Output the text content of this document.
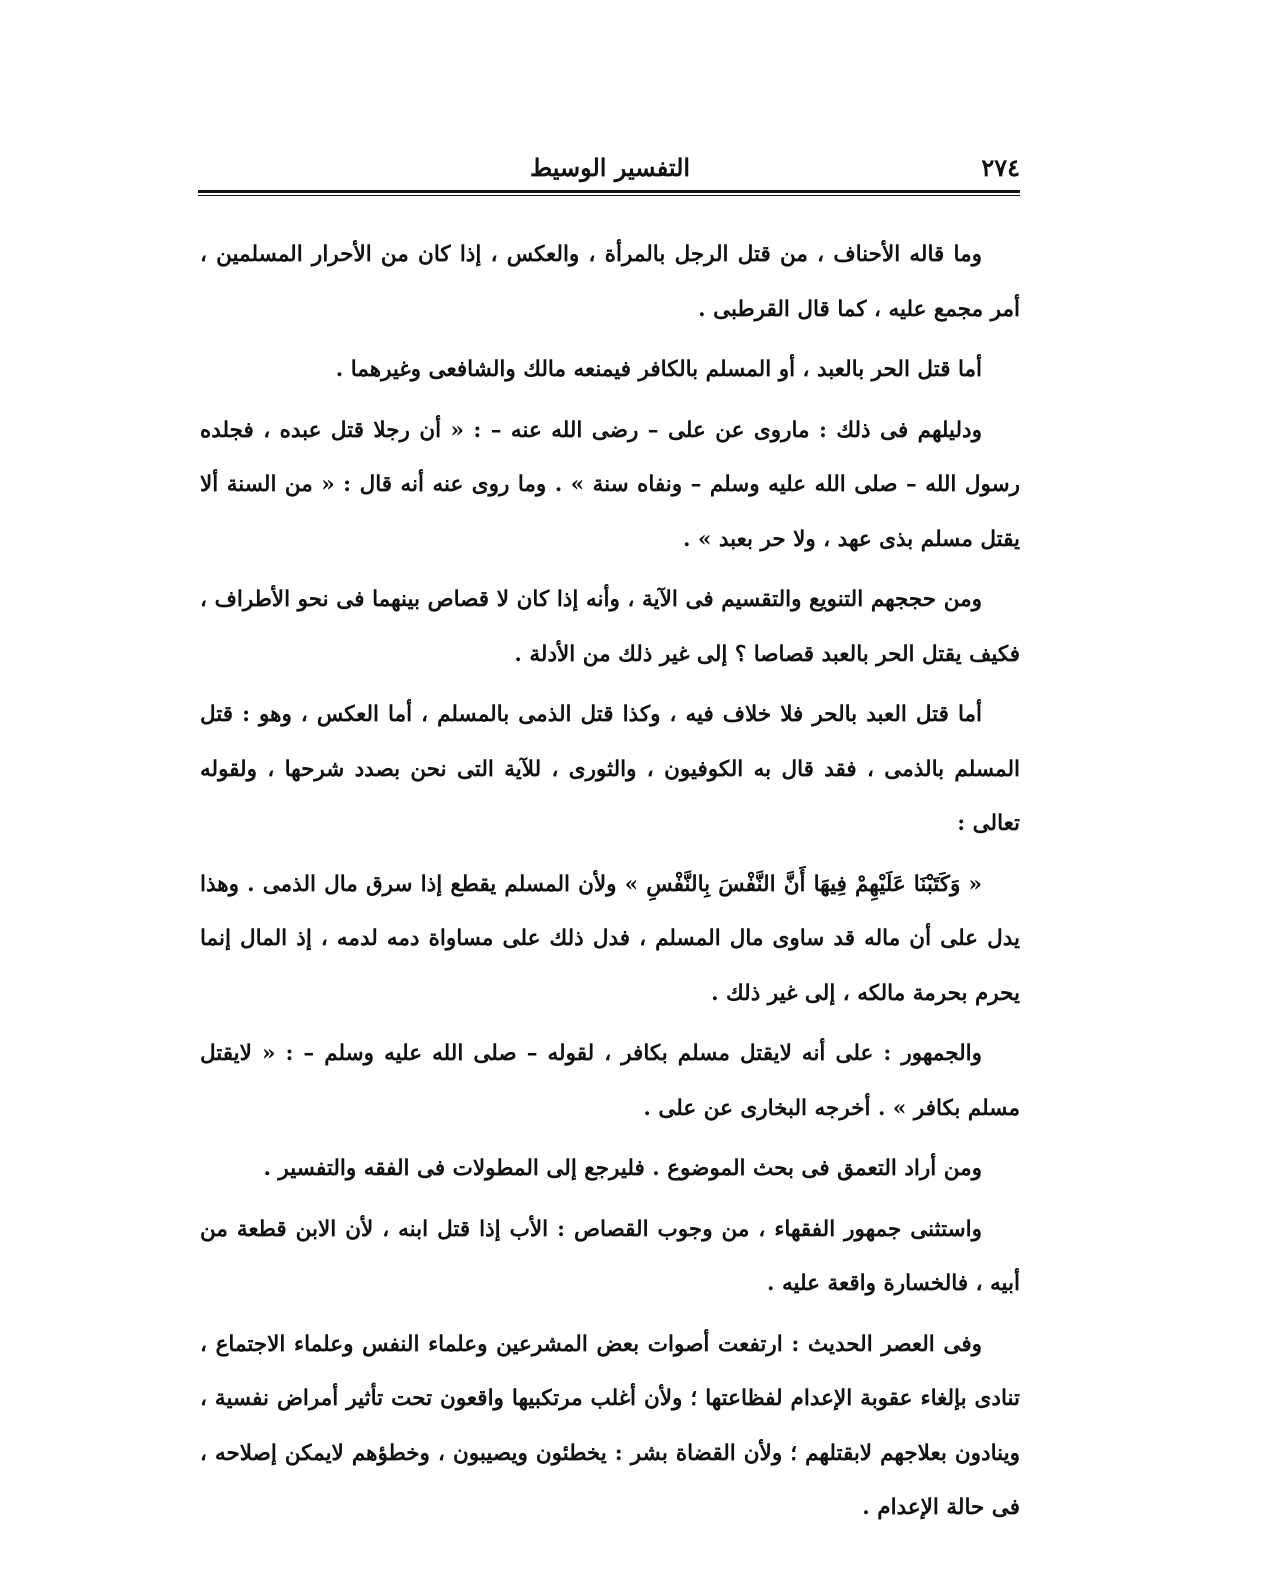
٢٧٤
التفسير الوسيط

وما قاله الأحناف ، من قتل الرجل بالمرأة ، والعكس ، إذا كان من الأحرار المسلمين ، أمر مجمع عليه ، كما قال القرطبى .

أما قتل الحر بالعبد ، أو المسلم بالكافر فيمنعه مالك والشافعى وغيرهما .

ودليلهم فى ذلك : ماروى عن على – رضى الله عنه – : « أن رجلا قتل عبده ، فجلده رسول الله – صلى الله عليه وسلم – ونفاه سنة » . وما روى عنه أنه قال : « من السنة ألا يقتل مسلم بذى عهد ، ولا حر بعبد » .

ومن حججهم التنويع والتقسيم فى الآية ، وأنه إذا كان لا قصاص بينهما فى نحو الأطراف ، فكيف يقتل الحر بالعبد قصاصا ؟ إلى غير ذلك من الأدلة .

أما قتل العبد بالحر فلا خلاف فيه ، وكذا قتل الذمى بالمسلم ، أما العكس ، وهو : قتل المسلم بالذمى ، فقد قال به الكوفيون ، والثورى ، للآية التى نحن بصدد شرحها ، ولقوله تعالى :

« وَكَتَبْنَا عَلَيْهِمْ فِيهَا أَنَّ النَّفْسَ بِالنَّفْسِ » ولأن المسلم يقطع إذا سرق مال الذمى . وهذا يدل على أن ماله قد ساوى مال المسلم ، فدل ذلك على مساواة دمه لدمه ، إذ المال إنما يحرم بحرمة مالكه ، إلى غير ذلك .

والجمهور : على أنه لايقتل مسلم بكافر ، لقوله – صلى الله عليه وسلم – : « لايقتل مسلم بكافر » . أخرجه البخارى عن على .

ومن أراد التعمق فى بحث الموضوع . فليرجع إلى المطولات فى الفقه والتفسير .

واستثنى جمهور الفقهاء ، من وجوب القصاص : الأب إذا قتل ابنه ، لأن الابن قطعة من أبيه ، فالخسارة واقعة عليه .

وفى العصر الحديث : ارتفعت أصوات بعض المشرعين وعلماء النفس وعلماء الاجتماع ، تنادى بإلغاء عقوبة الإعدام لفظاعتها ؛ ولأن أغلب مرتكبيها واقعون تحت تأثير أمراض نفسية ، وينادون بعلاجهم لابقتلهم ؛ ولأن القضاة بشر : يخطئون ويصيبون ، وخطؤهم لايمكن إصلاحه ، فى حالة الإعدام .
